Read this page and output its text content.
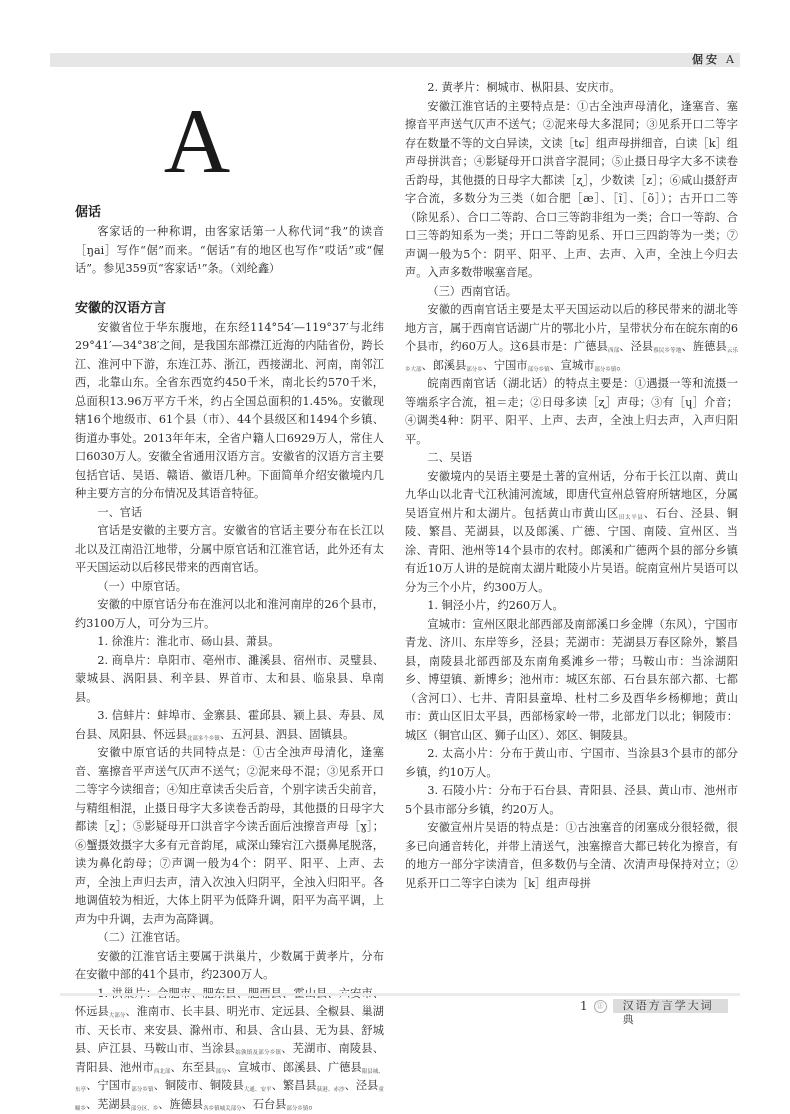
倨安 A
A
倨话

客家话的一种称谓，由客家话第一人称代词“我”的读音［ŋai］写作“倨”而来。“倨话”有的地区也写作“哎话”或“偓话”。参见359页“客家话¹”条。（刘纶鑫）

安徽的汉语方言

安徽省位于华东腹地，在东经114°54′—119°37′与北纬29°41′—34°38′之间，是我国东部襟江近海的内陆省份，跨长江、淮河中下游，东连江苏、浙江，西接湖北、河南，南邻江西，北靠山东。全省东西宽约450千米，南北长约570千米，总面积13.96万平方千米，约占全国总面积的1.45%。安徽现辖16个地级市、61个县（市）、44个县级区和1494个乡镇、街道办事处。2013年年末，全省户籍人口6929万人，常住人口6030万人。安徽全省通用汉语方言。安徽省的汉语方言主要包括官话、吴语、赣语、徽语几种。下面简单介绍安徽境内几种主要方言的分布情况及其语音特征。

一、官话

官话是安徽的主要方言。安徽省的官话主要分布在长江以北以及江南沿江地带，分属中原官话和江淮官话，此外还有太平天国运动以后移民带来的西南官话。

（一）中原官话。

安徽的中原官话分布在淮河以北和淮河南岸的26个县市，约3100万人，可分为三片。

1. 徐淮片：淮北市、砀山县、萧县。

2. 商阜片：阜阳市、亳州市、濉溪县、宿州市、灵璧县、蒙城县、涡阳县、利辛县、界首市、太和县、临泉县、阜南县。

3. 信蚌片：蚌埠市、金寨县、霍邱县、颍上县、寿县、凤台县、凤阳县、怀远县$_{北部多个乡镇}$、五河县、泗县、固镇县。

安徽中原官话的共同特点是：①古全浊声母清化，逢塞音、塞擦音平声送气仄声不送气；②泥来母不混；③见系开口二等字今读细音；④知庄章读舌尖后音，个别字读舌尖前音，与精组相混，止摄日母字大多读卷舌韵母，其他摄的日母字大都读［ʐ］；⑤影疑母开口洪音字今读舌面后浊擦音声母［ɣ］；⑥蟹摄效摄字大多有元音韵尾，咸深山臻宕江六摄鼻尾脱落，读为鼻化韵母；⑦声调一般为4个：阴平、阳平、上声、去声，全浊上声归去声，清入次浊入归阴平，全浊入归阳平。各地调值较为相近，大体上阴平为低降升调，阳平为高平调，上声为中升调，去声为高降调。

（二）江淮官话。

安徽的江淮官话主要属于洪巢片，少数属于黄孝片，分布在安徽中部的41个县市，约2300万人。

怀远县$_{大部分}$、淮南市、长丰县、明光市、定远县、全椒县、巢湖市、天长市、来安县、滁州市、和县、含山县、无为县、舒城县、庐江县、马鞍山市、当涂县$_{姑孰镇及部分乡镇}$、芜湖市、南陵县、青阳县、池州市$_{西北部}$、东至县$_{部分}$、宣城市、郎溪县、广德县$_{限县城、东亭}$、宁国市$_{部分乡镇}$、铜陵市、铜陵县$_{大通、安平}$、繁昌县$_{荻港、赤沙}$、泾县$_{童疃乡}$、芜湖县$_{部分区、乡}$、旌德县$_{各乡镇城关部分}$、石台县$_{部分乡镇}$。

2. 黄孝片：桐城市、枞阳县、安庆市。

安徽江淮官话的主要特点是：①古全浊声母清化，逢塞音、塞擦音平声送气仄声不送气；②泥来母大多混同；③见系开口二等字存在数量不等的文白异读，文读［tɕ］组声母拼细音，白读［k］组声母拼洪音；④影疑母开口洪音字混同；⑤止摄日母字大多不读卷舌韵母，其他摄的日母字大都读［ʐ］，少数读［z］；⑥咸山摄舒声字合流，多数分为三类（如合肥［æ］、［ĩ］、［õ］）；古开口二等（除见系）、合口二等韵、合口三等韵非组为一类；合口一等韵、合口三等韵知系为一类；开口二等韵见系、开口三四韵等为一类；⑦声调一般为5个：阴平、阳平、上声、去声、入声，全浊上今归去声。入声多数带喉塞音尾。

（三）西南官话。

安徽的西南官话主要是太平天国运动以后的移民带来的湖北等地方言，属于西南官话湖广片的鄂北小片，呈带状分布在皖东南的6个县市，约60万人。这6县市是：广德县$_{西部}$、泾县$_{蔡民乡等地}$、旌德县$_{云乐乡大部}$、郎溪县$_{部分乡}$、宁国市$_{部分乡镇}$、宣城市$_{部分乡镇}$。

皖南西南官话（湖北话）的特点主要是：①遇摄一等和流摄一等端系字合流，祖＝走；②日母多读［ʐ］声母；③有［ɥ］介音；④调类4种：阴平、阳平、上声、去声，全浊上归去声，入声归阳平。

二、吴语

安徽境内的吴语主要是土著的宣州话，分布于长江以南、黄山九华山以北青弋江秋浦河流域，即唐代宣州总管府所辖地区，分属吴语宣州片和太湖片。包括黄山市黄山区$_{旧太平县}$、石台、泾县、铜陵、繁昌、芜湖县，以及郎溪、广德、宁国、南陵、宣州区、当涂、青阳、池州等14个县市的农村。郎溪和广德两个县的部分乡镇有近10万人讲的是皖南太湖片毗陵小片吴语。皖南宣州片吴语可以分为三个小片，约300万人。

1. 铜泾小片，约260万人。

宣城市：宣州区限北部西部及南部溪口乡金牌（东风），宁国市青龙、济川、东岸等乡，泾县；芜湖市：芜湖县万春区除外，繁昌县，南陵县北部西部及东南角奚滩乡一带；马鞍山市：当涂湖阳乡、博望镇、新博乡；池州市：城区东部、石台县东部六都、七都（含河口）、七井、青阳县童埠、杜村二乡及酉华乡杨柳地；黄山市：黄山区旧太平县，西部杨家岭一带，北部龙门以北；铜陵市：城区（铜官山区、狮子山区）、郊区、铜陵县。

2. 太高小片：分布于黄山市、宁国市、当涂县3个县市的部分乡镇，约10万人。

3. 石陵小片：分布于石台县、青阳县、泾县、黄山市、池州市5个县市部分乡镇，约20万人。

安徽宣州片吴语的特点是：①古浊塞音的闭塞成分很轻微，很多已向通音转化，并带上清送气，浊塞擦音大都已转化为擦音，有的地方一部分字读清音，但多数仍与全清、次清声母保持对立；②见系开口二等字白读为［k］组声母拼

1	㊣	汉语方言学大词典
